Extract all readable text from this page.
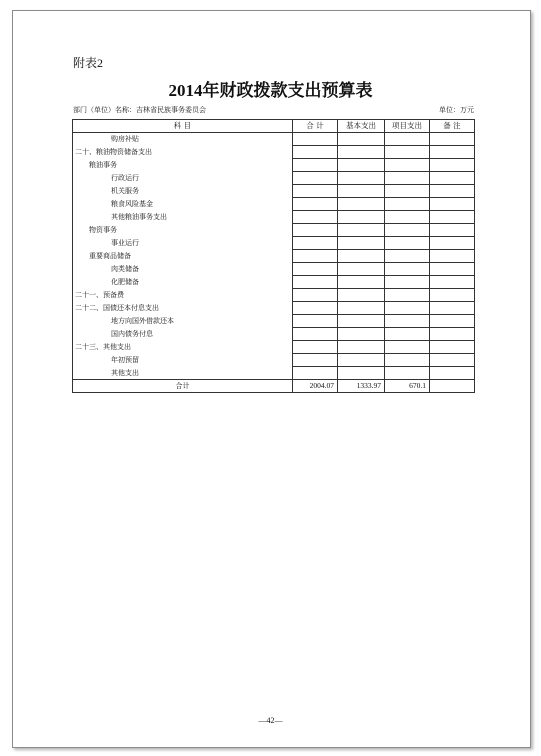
附表2
2014年财政拨款支出预算表
部门（单位）名称：吉林省民族事务委员会	单位：万元
科 目	合 计	基本支出	项目支出	备 注
购房补贴				
二十、粮油物资储备支出				
粮油事务				
行政运行				
机关服务				
粮食风险基金				
其他粮油事务支出				
物资事务				
事业运行				
重要商品储备				
肉类储备				
化肥储备				
二十一、预备费				
二十二、国债还本付息支出				
地方向国外借款还本				
国内债务付息				
二十三、其他支出				
年初预留				
其他支出				
合计	2004.07	1333.97	670.1	
—42—
